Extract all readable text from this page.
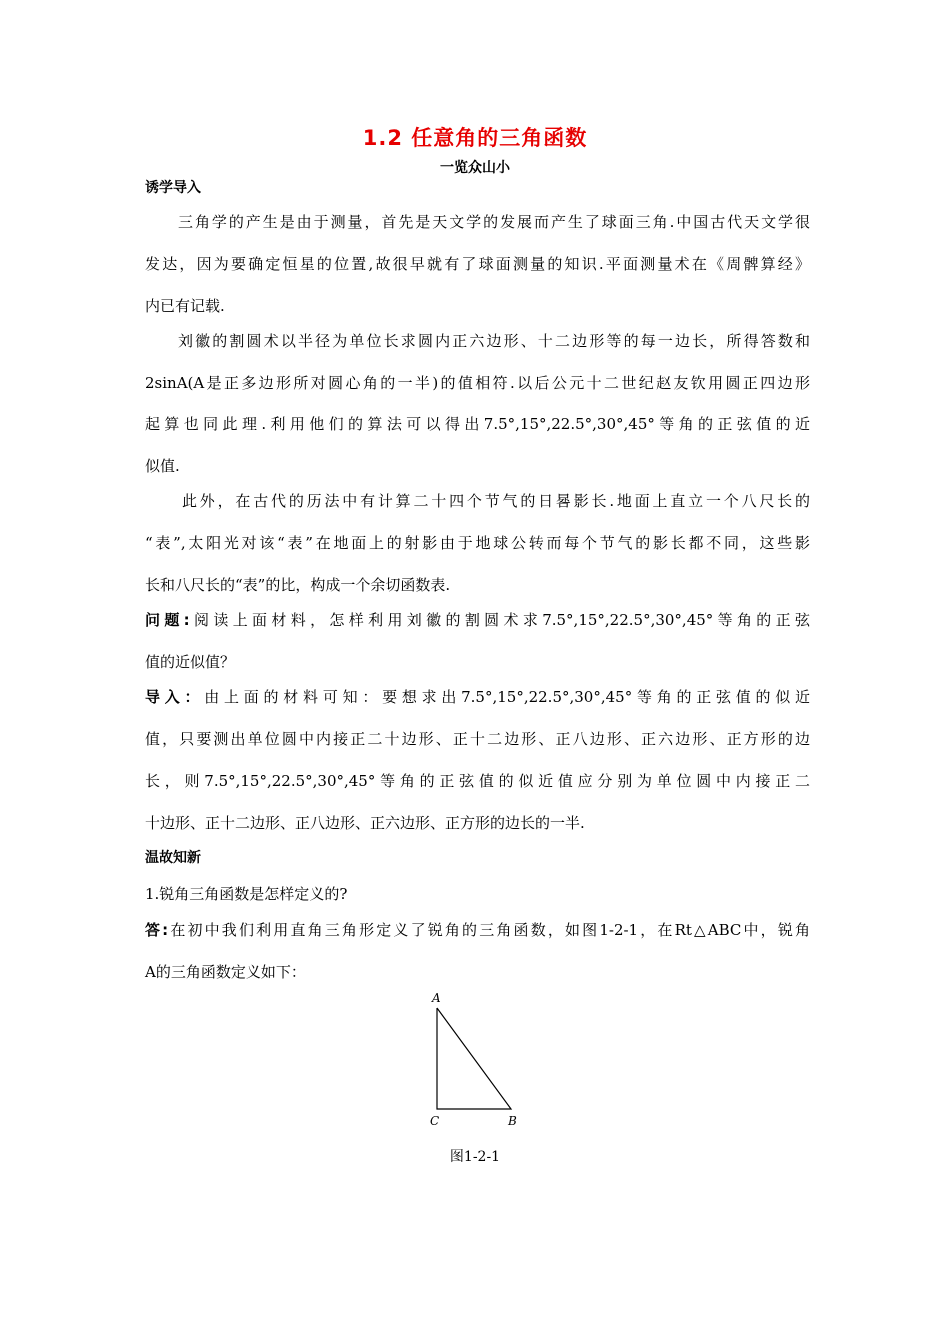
1.2 任意角的三角函数
一览众山小
诱学导入
三角学的产生是由于测量，首先是天文学的发展而产生了球面三角.中国古代天文学很
发达，因为要确定恒星的位置,故很早就有了球面测量的知识.平面测量术在《周髀算经》
内已有记载.
刘徽的割圆术以半径为单位长求圆内正六边形、十二边形等的每一边长，所得答数和
2sinA(A是正多边形所对圆心角的一半)的值相符.以后公元十二世纪赵友钦用圆正四边形
起算也同此理.利用他们的算法可以得出7.5°,15°,22.5°,30°,45°等角的正弦值的近
似值.
此外，在古代的历法中有计算二十四个节气的日晷影长.地面上直立一个八尺长的
“表”,太阳光对该“表”在地面上的射影由于地球公转而每个节气的影长都不同，这些影
长和八尺长的“表”的比，构成一个余切函数表.
问题:阅读上面材料，怎样利用刘徽的割圆术求7.5°,15°,22.5°,30°,45°等角的正弦
值的近似值？
导入：由上面的材料可知：要想求出7.5°,15°,22.5°,30°,45°等角的正弦值的似近
值，只要测出单位圆中内接正二十边形、正十二边形、正八边形、正六边形、正方形的边
长，则7.5°,15°,22.5°,30°,45°等角的正弦值的似近值应分别为单位圆中内接正二
十边形、正十二边形、正八边形、正六边形、正方形的边长的一半.
温故知新
1.锐角三角函数是怎样定义的?
答:在初中我们利用直角三角形定义了锐角的三角函数，如图1-2-1，在Rt△ABC中，锐角
A的三角函数定义如下：
A
C	B
图1-2-1
